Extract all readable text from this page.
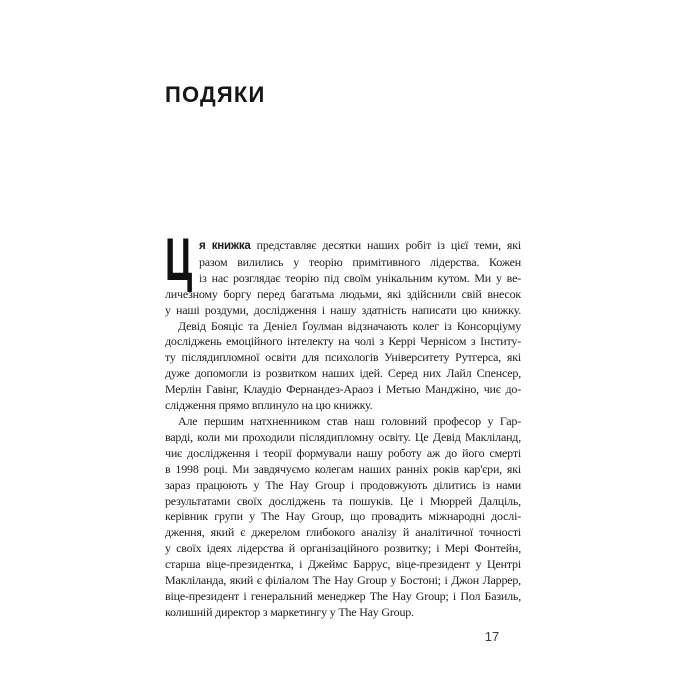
ПОДЯКИ
Ц я книжка представляє десятки наших робіт із цієї теми, які
разом вилились у теорію примітивного лідерства. Кожен
із нас розглядає теорію під своїм унікальним кутом. Ми у ве-
личезному боргу перед багатьма людьми, які здійснили свій внесок
у наші роздуми, дослідження і нашу здатність написати цю книжку.
Девід Бояціс та Деніел Ґоулман відзначають колег із Консорціуму
досліджень емоційного інтелекту на чолі з Керрі Чернісом з Інститу-
ту післядипломної освіти для психологів Університету Рутгерса, які
дуже допомогли із розвитком наших ідей. Серед них Лайл Спенсер,
Мерлін Гавінг, Клаудіо Фернандез-Араоз і Метью Манджіно, чиє до-
слідження прямо вплинуло на цю книжку.
Але першим натхненником став наш головний професор у Гар-
варді, коли ми проходили післядипломну освіту. Це Девід Макліланд,
чиє дослідження і теорії формували нашу роботу аж до його смерті
в 1998 році. Ми завдячуємо колегам наших ранніх років кар'єри, які
зараз працюють у The Hay Group і продовжують ділитись із нами
результатами своїх досліджень та пошуків. Це і Мюррей Далціль,
керівник групи у The Hay Group, що провадить міжнародні дослі-
дження, який є джерелом глибокого аналізу й аналітичної точності
у своїх ідеях лідерства й організаційного розвитку; і Мері Фонтейн,
старша віце-президентка, і Джеймс Баррус, віце-президент у Центрі
Макліланда, який є філіалом The Hay Group у Бостоні; і Джон Ларрер,
віце-президент і генеральний менеджер The Hay Group; і Пол Базиль,
колишній директор з маркетингу у The Hay Group.
17
